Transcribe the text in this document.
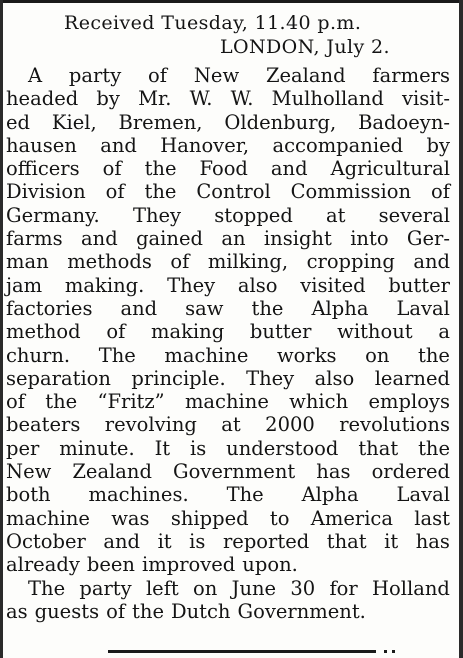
Received Tuesday, 11.40 p.m.
LONDON, July 2.
A party of New Zealand farmers
headed by Mr. W. W. Mulholland visit-
ed Kiel, Bremen, Oldenburg, Badoeyn-
hausen and Hanover, accompanied by
officers of the Food and Agricultural
Division of the Control Commission of
Germany. They stopped at several
farms and gained an insight into Ger-
man methods of milking, cropping and
jam making. They also visited butter
factories and saw the Alpha Laval
method of making butter without a
churn. The machine works on the
separation principle. They also learned
of the “Fritz” machine which employs
beaters revolving at 2000 revolutions
per minute. It is understood that the
New Zealand Government has ordered
both machines. The Alpha Laval
machine was shipped to America last
October and it is reported that it has
already been improved upon.
The party left on June 30 for Holland
as guests of the Dutch Government.
